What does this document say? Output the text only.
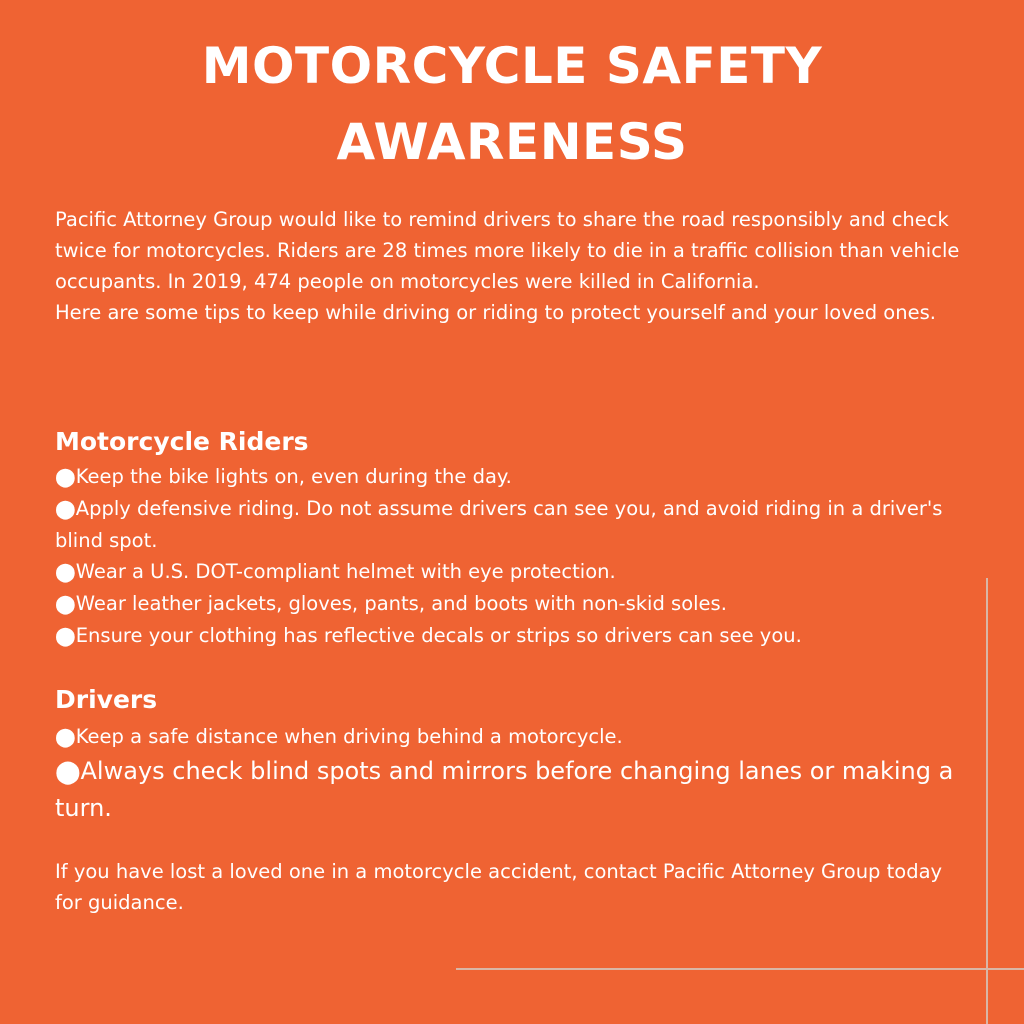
MOTORCYCLE SAFETY
AWARENESS

Pacific Attorney Group would like to remind drivers to share the road responsibly and check twice for motorcycles. Riders are 28 times more likely to die in a traffic collision than vehicle occupants. In 2019, 474 people on motorcycles were killed in California.

Here are some tips to keep while driving or riding to protect yourself and your loved ones.

Motorcycle Riders
⬤Keep the bike lights on, even during the day.
⬤Apply defensive riding. Do not assume drivers can see you, and avoid riding in a driver's blind spot.
⬤Wear a U.S. DOT-compliant helmet with eye protection.
⬤Wear leather jackets, gloves, pants, and boots with non-skid soles.
⬤Ensure your clothing has reflective decals or strips so drivers can see you.
Drivers
⬤Keep a safe distance when driving behind a motorcycle.
⬤Always check blind spots and mirrors before changing lanes or making a turn.

If you have lost a loved one in a motorcycle accident, contact Pacific Attorney Group today for guidance.
